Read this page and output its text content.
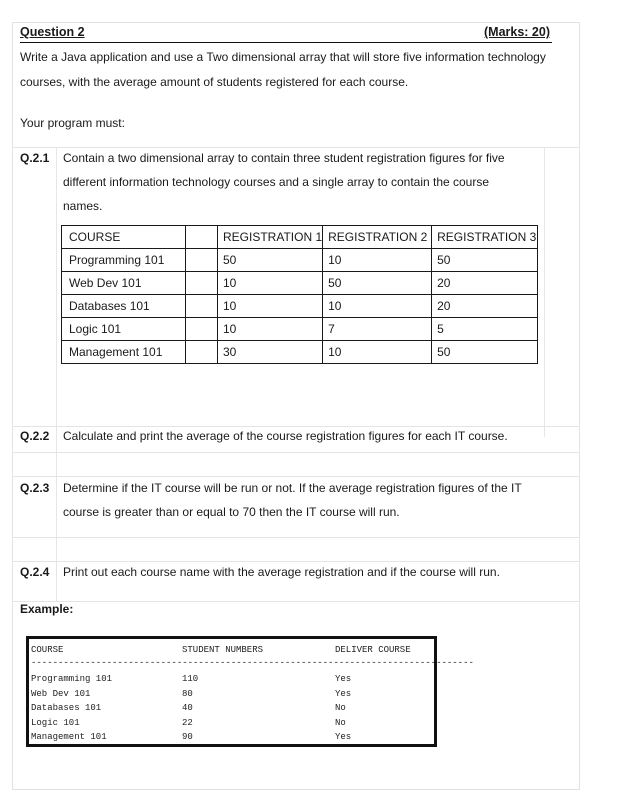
Question 2	(Marks: 20)
Write a Java application and use a Two dimensional array that will store five information technology
courses, with the average amount of students registered for each course.
Your program must:
Q.2.1 Contain a two dimensional array to contain three student registration figures for five
different information technology courses and a single array to contain the course
names.
COURSE		REGISTRATION 1	REGISTRATION 2	REGISTRATION 3
Programming 101		50	10	50
Web Dev 101		10	50	20
Databases 101		10	10	20
Logic 101		10	7	5
Management 101		30	10	50
Q.2.2 Calculate and print the average of the course registration figures for each IT course.
Q.2.3 Determine if the IT course will be run or not. If the average registration figures of the IT
course is greater than or equal to 70 then the IT course will run.
Q.2.4 Print out each course name with the average registration and if the course will run.
Example:
COURSE	STUDENT NUMBERS	DELIVER COURSE
----------------------------------------------------------------------------------
Programming 101	110	Yes
Web Dev 101	80	Yes
Databases 101	40	No
Logic 101	22	No
Management 101	90	Yes
